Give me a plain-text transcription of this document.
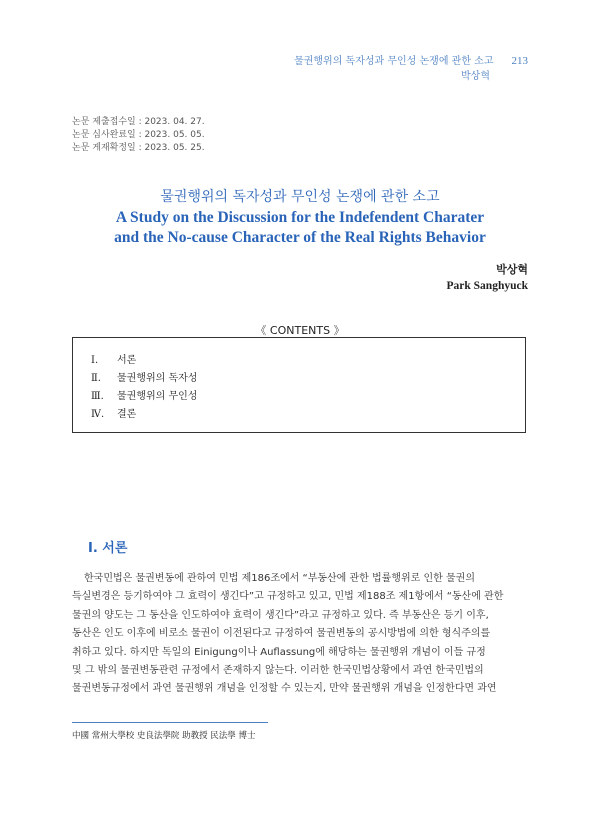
물권행위의 독자성과 무인성 논쟁에 관한 소고 213
박상혁
논문 제출접수일 : 2023. 04. 27.
논문 심사완료일 : 2023. 05. 05.
논문 게재확정일 : 2023. 05. 25.
물권행위의 독자성과 무인성 논쟁에 관한 소고
A Study on the Discussion for the Indefendent Charater
and the No-cause Character of the Real Rights Behavior
박상혁
Park Sanghyuck
《 CONTENTS 》
Ⅰ.	서론
Ⅱ.	물권행위의 독자성
Ⅲ.	물권행위의 무인성
Ⅳ.	결론
Ⅰ. 서론
한국민법은 물권변동에 관하여 민법 제186조에서 “부동산에 관한 법률행위로 인한 물권의
득실변경은 등기하여야 그 효력이 생긴다”고 규정하고 있고, 민법 제188조 제1항에서 “동산에 관한
물권의 양도는 그 동산을 인도하여야 효력이 생긴다”라고 규정하고 있다. 즉 부동산은 등기 이후,
동산은 인도 이후에 비로소 물권이 이전된다고 규정하여 물권변동의 공시방법에 의한 형식주의를
취하고 있다. 하지만 독일의 Einigung이나 Auflassung에 해당하는 물권행위 개념이 이들 규정
및 그 밖의 물권변동관련 규정에서 존재하지 않는다. 이러한 한국민법상황에서 과연 한국민법의
물권변동규정에서 과연 물권행위 개념을 인정할 수 있는지, 만약 물권행위 개념을 인정한다면 과연
中國 常州大學校 史良法學院 助教授 民法學 博士
